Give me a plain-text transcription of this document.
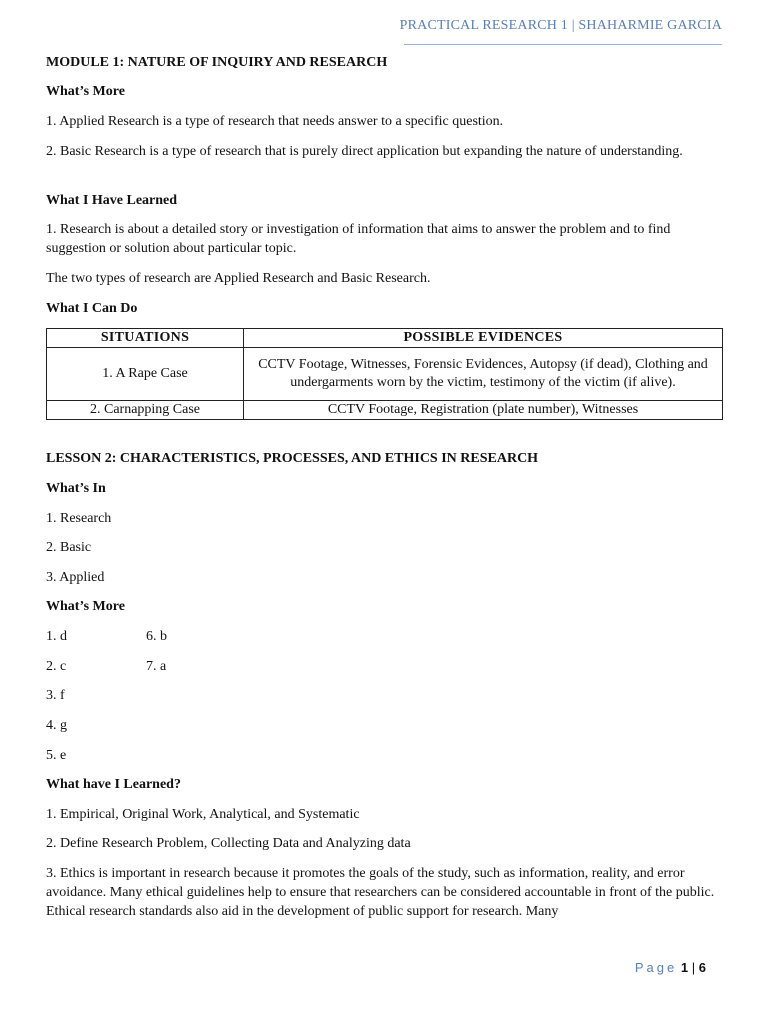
PRACTICAL RESEARCH 1 | SHAHARMIE GARCIA
MODULE 1: NATURE OF INQUIRY AND RESEARCH
What’s More
1. Applied Research is a type of research that needs answer to a specific question.
2. Basic Research is a type of research that is purely direct application but expanding the nature of understanding.
What I Have Learned
1. Research is about a detailed story or investigation of information that aims to answer the problem and to find suggestion or solution about particular topic.
The two types of research are Applied Research and Basic Research.
What I Can Do
SITUATIONS	POSSIBLE EVIDENCES
1. A Rape Case	CCTV Footage, Witnesses, Forensic Evidences, Autopsy (if dead), Clothing and undergarments worn by the victim, testimony of the victim (if alive).
2. Carnapping Case	CCTV Footage, Registration (plate number), Witnesses
LESSON 2: CHARACTERISTICS, PROCESSES, AND ETHICS IN RESEARCH
What’s In
1. Research
2. Basic
3. Applied
What’s More
1. d	6. b
2. c	7. a
3. f
4. g
5. e
What have I Learned?
1. Empirical, Original Work, Analytical, and Systematic
2. Define Research Problem, Collecting Data and Analyzing data
3. Ethics is important in research because it promotes the goals of the study, such as information, reality, and error avoidance. Many ethical guidelines help to ensure that researchers can be considered accountable in front of the public. Ethical research standards also aid in the development of public support for research. Many
Page 1 | 6
